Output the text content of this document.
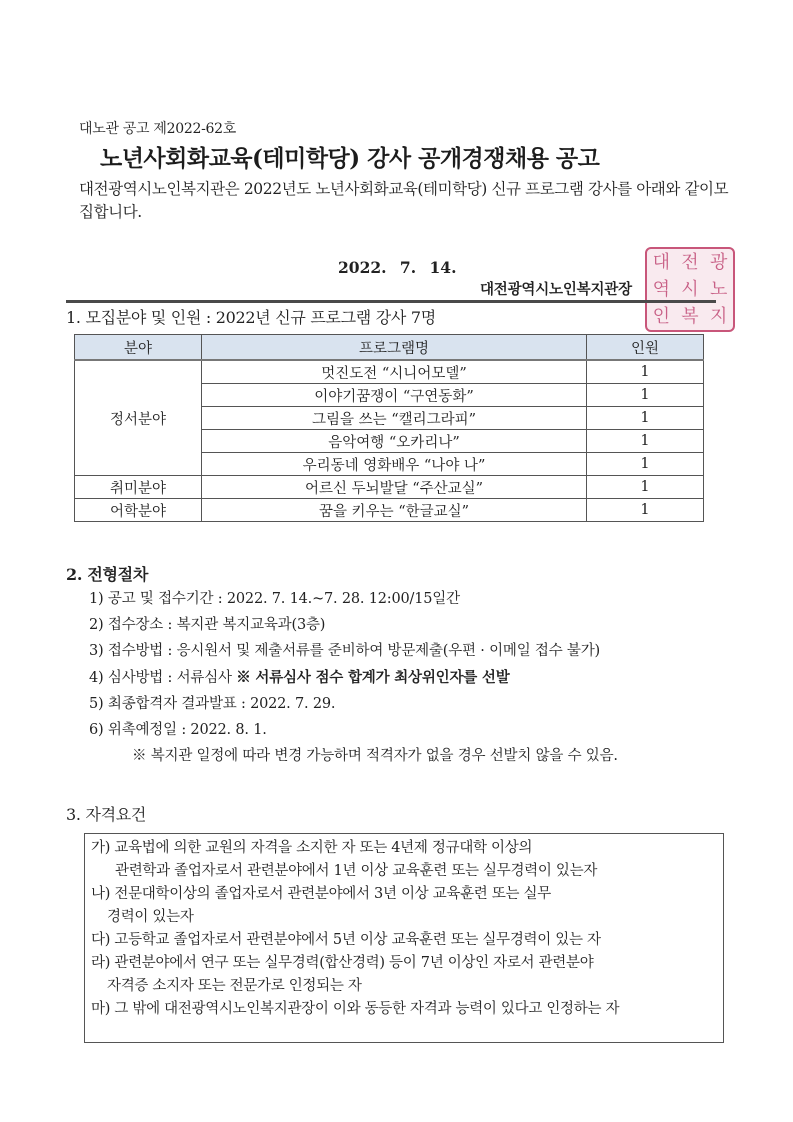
대노관 공고 제2022-62호
노년사회화교육(테미학당) 강사 공개경쟁채용 공고
대전광역시노인복지관은 2022년도 노년사회화교육(테미학당) 신규 프로그램 강사를 아래와 같이모집합니다.
2022. 7. 14.
대전광역시노인복지관장
대 전 광
역 시 노
인 복 지
1. 모집분야 및 인원 : 2022년 신규 프로그램 강사 7명
분야	프로그램명	인원
정서분야	멋진도전 “시니어모델”	1
	이야기꿈쟁이 “구연동화”	1
	그림을 쓰는 “캘리그라피”	1
	음악여행 “오카리나”	1
	우리동네 영화배우 “나야 나”	1
취미분야	어르신 두뇌발달 “주산교실”	1
어학분야	꿈을 키우는 “한글교실”	1
2. 전형절차
1) 공고 및 접수기간 : 2022. 7. 14.~7. 28. 12:00/15일간
2) 접수장소 : 복지관 복지교육과(3층)
3) 접수방법 : 응시원서 및 제출서류를 준비하여 방문제출(우편 · 이메일 접수 불가)
4) 심사방법 : 서류심사 ※ 서류심사 점수 합계가 최상위인자를 선발
5) 최종합격자 결과발표 : 2022. 7. 29.
6) 위촉예정일 : 2022. 8. 1.
※ 복지관 일정에 따라 변경 가능하며 적격자가 없을 경우 선발치 않을 수 있음.
3. 자격요건
가) 교육법에 의한 교원의 자격을 소지한 자 또는 4년제 정규대학 이상의
관련학과 졸업자로서 관련분야에서 1년 이상 교육훈련 또는 실무경력이 있는자
나) 전문대학이상의 졸업자로서 관련분야에서 3년 이상 교육훈련 또는 실무
경력이 있는자
다) 고등학교 졸업자로서 관련분야에서 5년 이상 교육훈련 또는 실무경력이 있는 자
라) 관련분야에서 연구 또는 실무경력(합산경력) 등이 7년 이상인 자로서 관련분야
자격증 소지자 또는 전문가로 인정되는 자
마) 그 밖에 대전광역시노인복지관장이 이와 동등한 자격과 능력이 있다고 인정하는 자
